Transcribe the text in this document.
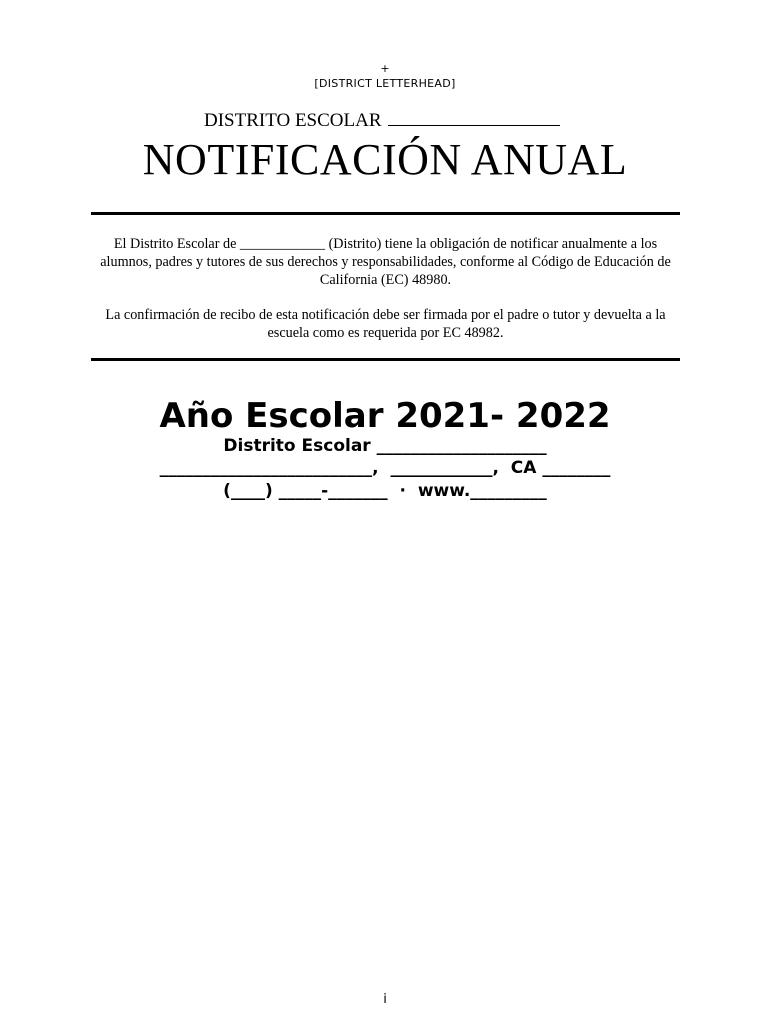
+
[DISTRICT LETTERHEAD]
DISTRITO ESCOLAR
NOTIFICACIÓN ANUAL
El Distrito Escolar de ____________ (Distrito) tiene la obligación de notificar anualmente a los alumnos, padres y tutores de sus derechos y responsabilidades, conforme al Código de Educación de California (EC) 48980.
La confirmación de recibo de esta notificación debe ser firmada por el padre o tutor y devuelta a la escuela como es requerida por EC 48982.
Año Escolar 2021- 2022
Distrito Escolar ____________________
_________________________,  ____________,  CA ________
(____) _____-_______  ·  www._________
i
